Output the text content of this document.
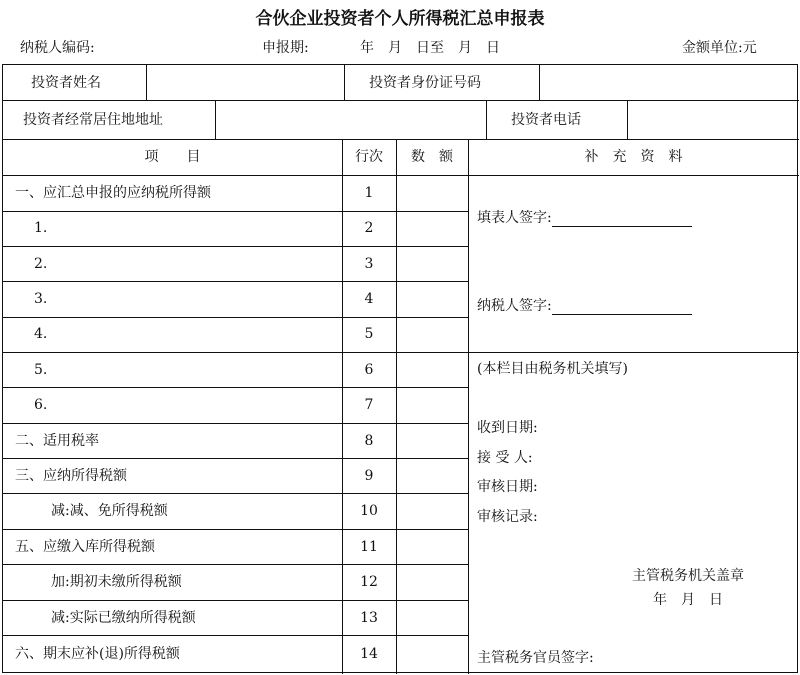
合伙企业投资者个人所得税汇总申报表
纳税人编码:	申报期:	年　月　日至　月　日	金额单位:元
投资者姓名	投资者身份证号码
投资者经常居住地地址	投资者电话
项　　目	行次	数　额	补　充　资　料
一、应汇总申报的应纳税所得额	1
1.	2
2.	3
3.	4
4.	5
5.	6
6.	7
二、适用税率	8
三、应纳所得税额	9
减:减、免所得税额	10
五、应缴入库所得税额	11
加:期初未缴所得税额	12
减:实际已缴纳所得税额	13
六、期末应补(退)所得税额	14
填表人签字:
纳税人签字:
(本栏目由税务机关填写)
收到日期:
接 受 人:
审核日期:
审核记录:
主管税务机关盖章
年　月　日
主管税务官员签字:
